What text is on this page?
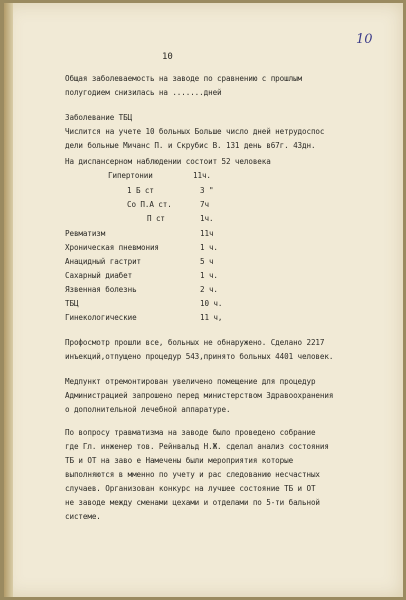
10
10
Общая заболеваемость на заводе по сравнению с прошлым
полугодием снизилась на .......дней
Заболевание ТБЦ
Числится на учете 10 больных Больше число дней нетрудоспос
дели больные Мичанс П. и Скрубис В. 131 день в67г. 43дн.
На диспансерном наблюдении состоит 52 человека
Гипертонии	11ч.
1 Б ст	3 "
Со П.А ст.	7ч
П ст	1ч.
Ревматизм	11ч
Хроническая пневмония	1 ч.
Анацидный гастрит	5 ч
Сахарный диабет	1 ч.
Язвенная болезнь	2 ч.
ТБЦ	10 ч.
Гинекологические	11 ч,
Профосмотр прошли все, больных не обнаружено. Сделано 2217
инъекций,отпущено процедур 543,принято больных 4401 человек.
Медпункт отремонтирован увеличено помещение для процедур
Администрацией запрошено перед министерством Здравоохранения
о дополнительной лечебной аппаратуре.
По вопросу травматизма на заводе было проведено собрание
где Гл. инженер тов. Рейнвальд Н.Ж. сделал анализ состояния
ТБ и ОТ на заво е Намечены были мероприятия которые
выполняются в мменно по учету и рас следованию несчастных
случаев. Организован конкурс на лучшее состояние ТБ и ОТ
не заводе между сменами цехами и отделами по 5-ти бальной
системе.
